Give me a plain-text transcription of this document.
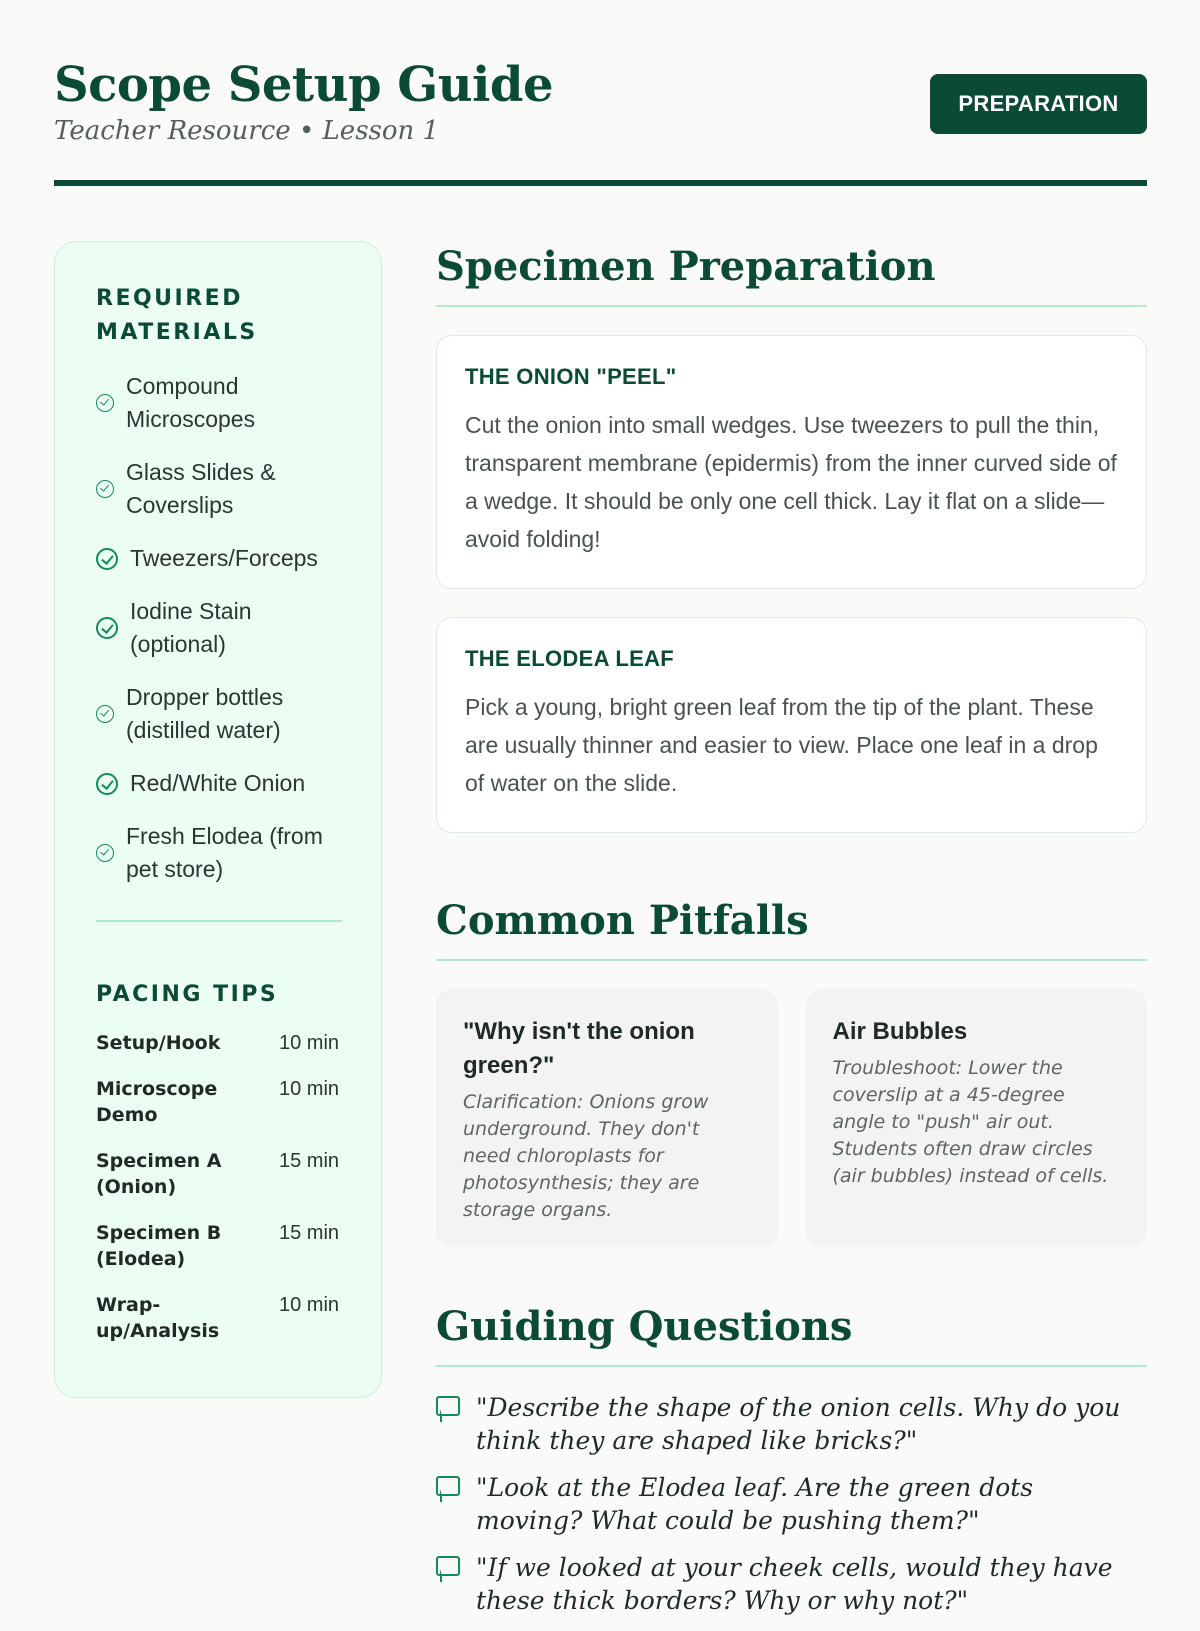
Scope Setup Guide
Teacher Resource • Lesson 1
PREPARATION
REQUIRED MATERIALS
Compound Microscopes
Glass Slides & Coverslips
Tweezers/Forceps
Iodine Stain (optional)
Dropper bottles (distilled water)
Red/White Onion
Fresh Elodea (from pet store)
PACING TIPS
Setup/Hook	10 min
Microscope Demo
10 min
Specimen A (Onion)
15 min
Specimen B (Elodea)
15 min
Wrap-up/Analysis
10 min
Specimen Preparation
THE ONION "PEEL"
Cut the onion into small wedges. Use tweezers to pull the thin, transparent membrane (epidermis) from the inner curved side of a wedge. It should be only one cell thick. Lay it flat on a slide—avoid folding!
THE ELODEA LEAF
Pick a young, bright green leaf from the tip of the plant. These are usually thinner and easier to view. Place one leaf in a drop of water on the slide.
Common Pitfalls
"Why isn't the onion green?"
Clarification: Onions grow underground. They don't need chloroplasts for photosynthesis; they are storage organs.
Air Bubbles
Troubleshoot: Lower the coverslip at a 45-degree angle to "push" air out. Students often draw circles (air bubbles) instead of cells.
Guiding Questions
"Describe the shape of the onion cells. Why do you think they are shaped like bricks?"
"Look at the Elodea leaf. Are the green dots moving? What could be pushing them?"
"If we looked at your cheek cells, would they have these thick borders? Why or why not?"
